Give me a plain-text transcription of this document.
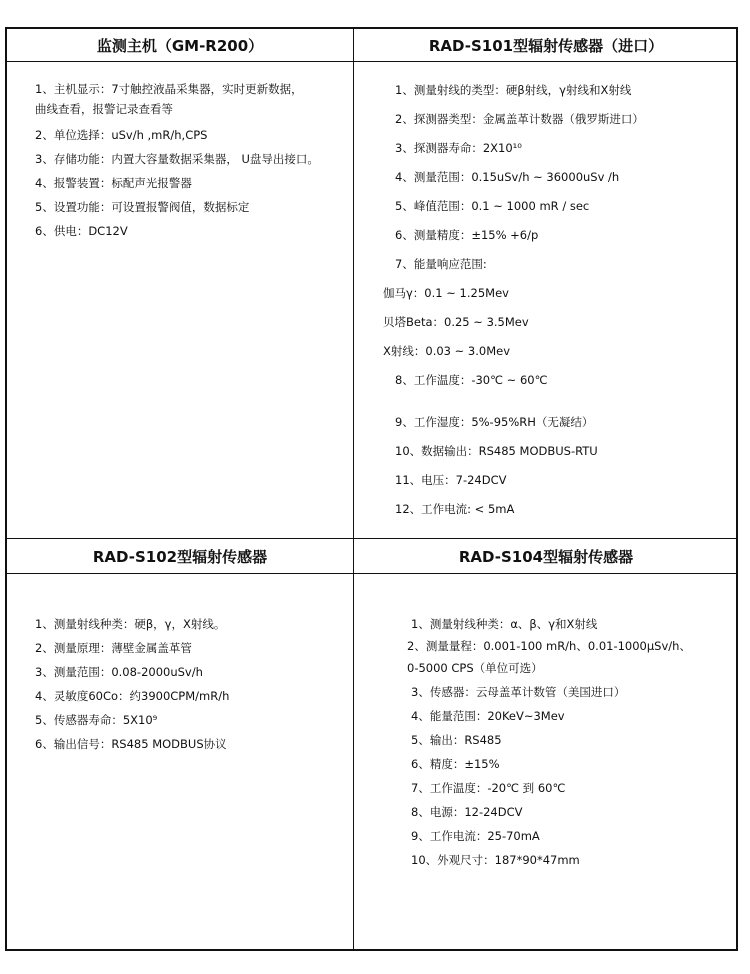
监测主机（GM-R200）	RAD-S101型辐射传感器（进口）
RAD-S102型辐射传感器	RAD-S104型辐射传感器
1、主机显示：7寸触控液晶采集器，实时更新数据，
曲线查看，报警记录查看等
2、单位选择：uSv/h ,mR/h,CPS
3、存储功能：内置大容量数据采集器， U盘导出接口。
4、报警装置：标配声光报警器
5、设置功能：可设置报警阀值，数据标定
6、供电：DC12V
1、测量射线的类型：硬β射线，γ射线和X射线
2、探测器类型：金属盖革计数器（俄罗斯进口）
3、探测器寿命：2X10¹⁰
4、测量范围：0.15uSv/h ~ 36000uSv /h
5、峰值范围：0.1 ~ 1000 mR / sec
6、测量精度：±15% +6/p
7、能量响应范围:
伽马γ：0.1 ~ 1.25Mev
贝塔Beta：0.25 ~ 3.5Mev
X射线：0.03 ~ 3.0Mev
8、工作温度：-30℃ ~ 60℃
9、工作湿度：5%-95%RH（无凝结）
10、数据输出：RS485 MODBUS-RTU
11、电压：7-24DCV
12、工作电流: < 5mA
1、测量射线种类：硬β，γ，X射线。
2、测量原理：薄壁金属盖革管
3、测量范围：0.08-2000uSv/h
4、灵敏度60Co：约3900CPM/mR/h
5、传感器寿命：5X10⁹
6、输出信号：RS485 MODBUS协议
1、测量射线种类：α、β、γ和X射线
2、测量量程：0.001-100 mR/h、0.01-1000μSv/h、
0-5000 CPS（单位可选）
3、传感器：云母盖革计数管（美国进口）
4、能量范围：20KeV~3Mev
5、输出：RS485
6、精度：±15%
7、工作温度：-20℃ 到 60℃
8、电源：12-24DCV
9、工作电流：25-70mA
10、外观尺寸：187*90*47mm
